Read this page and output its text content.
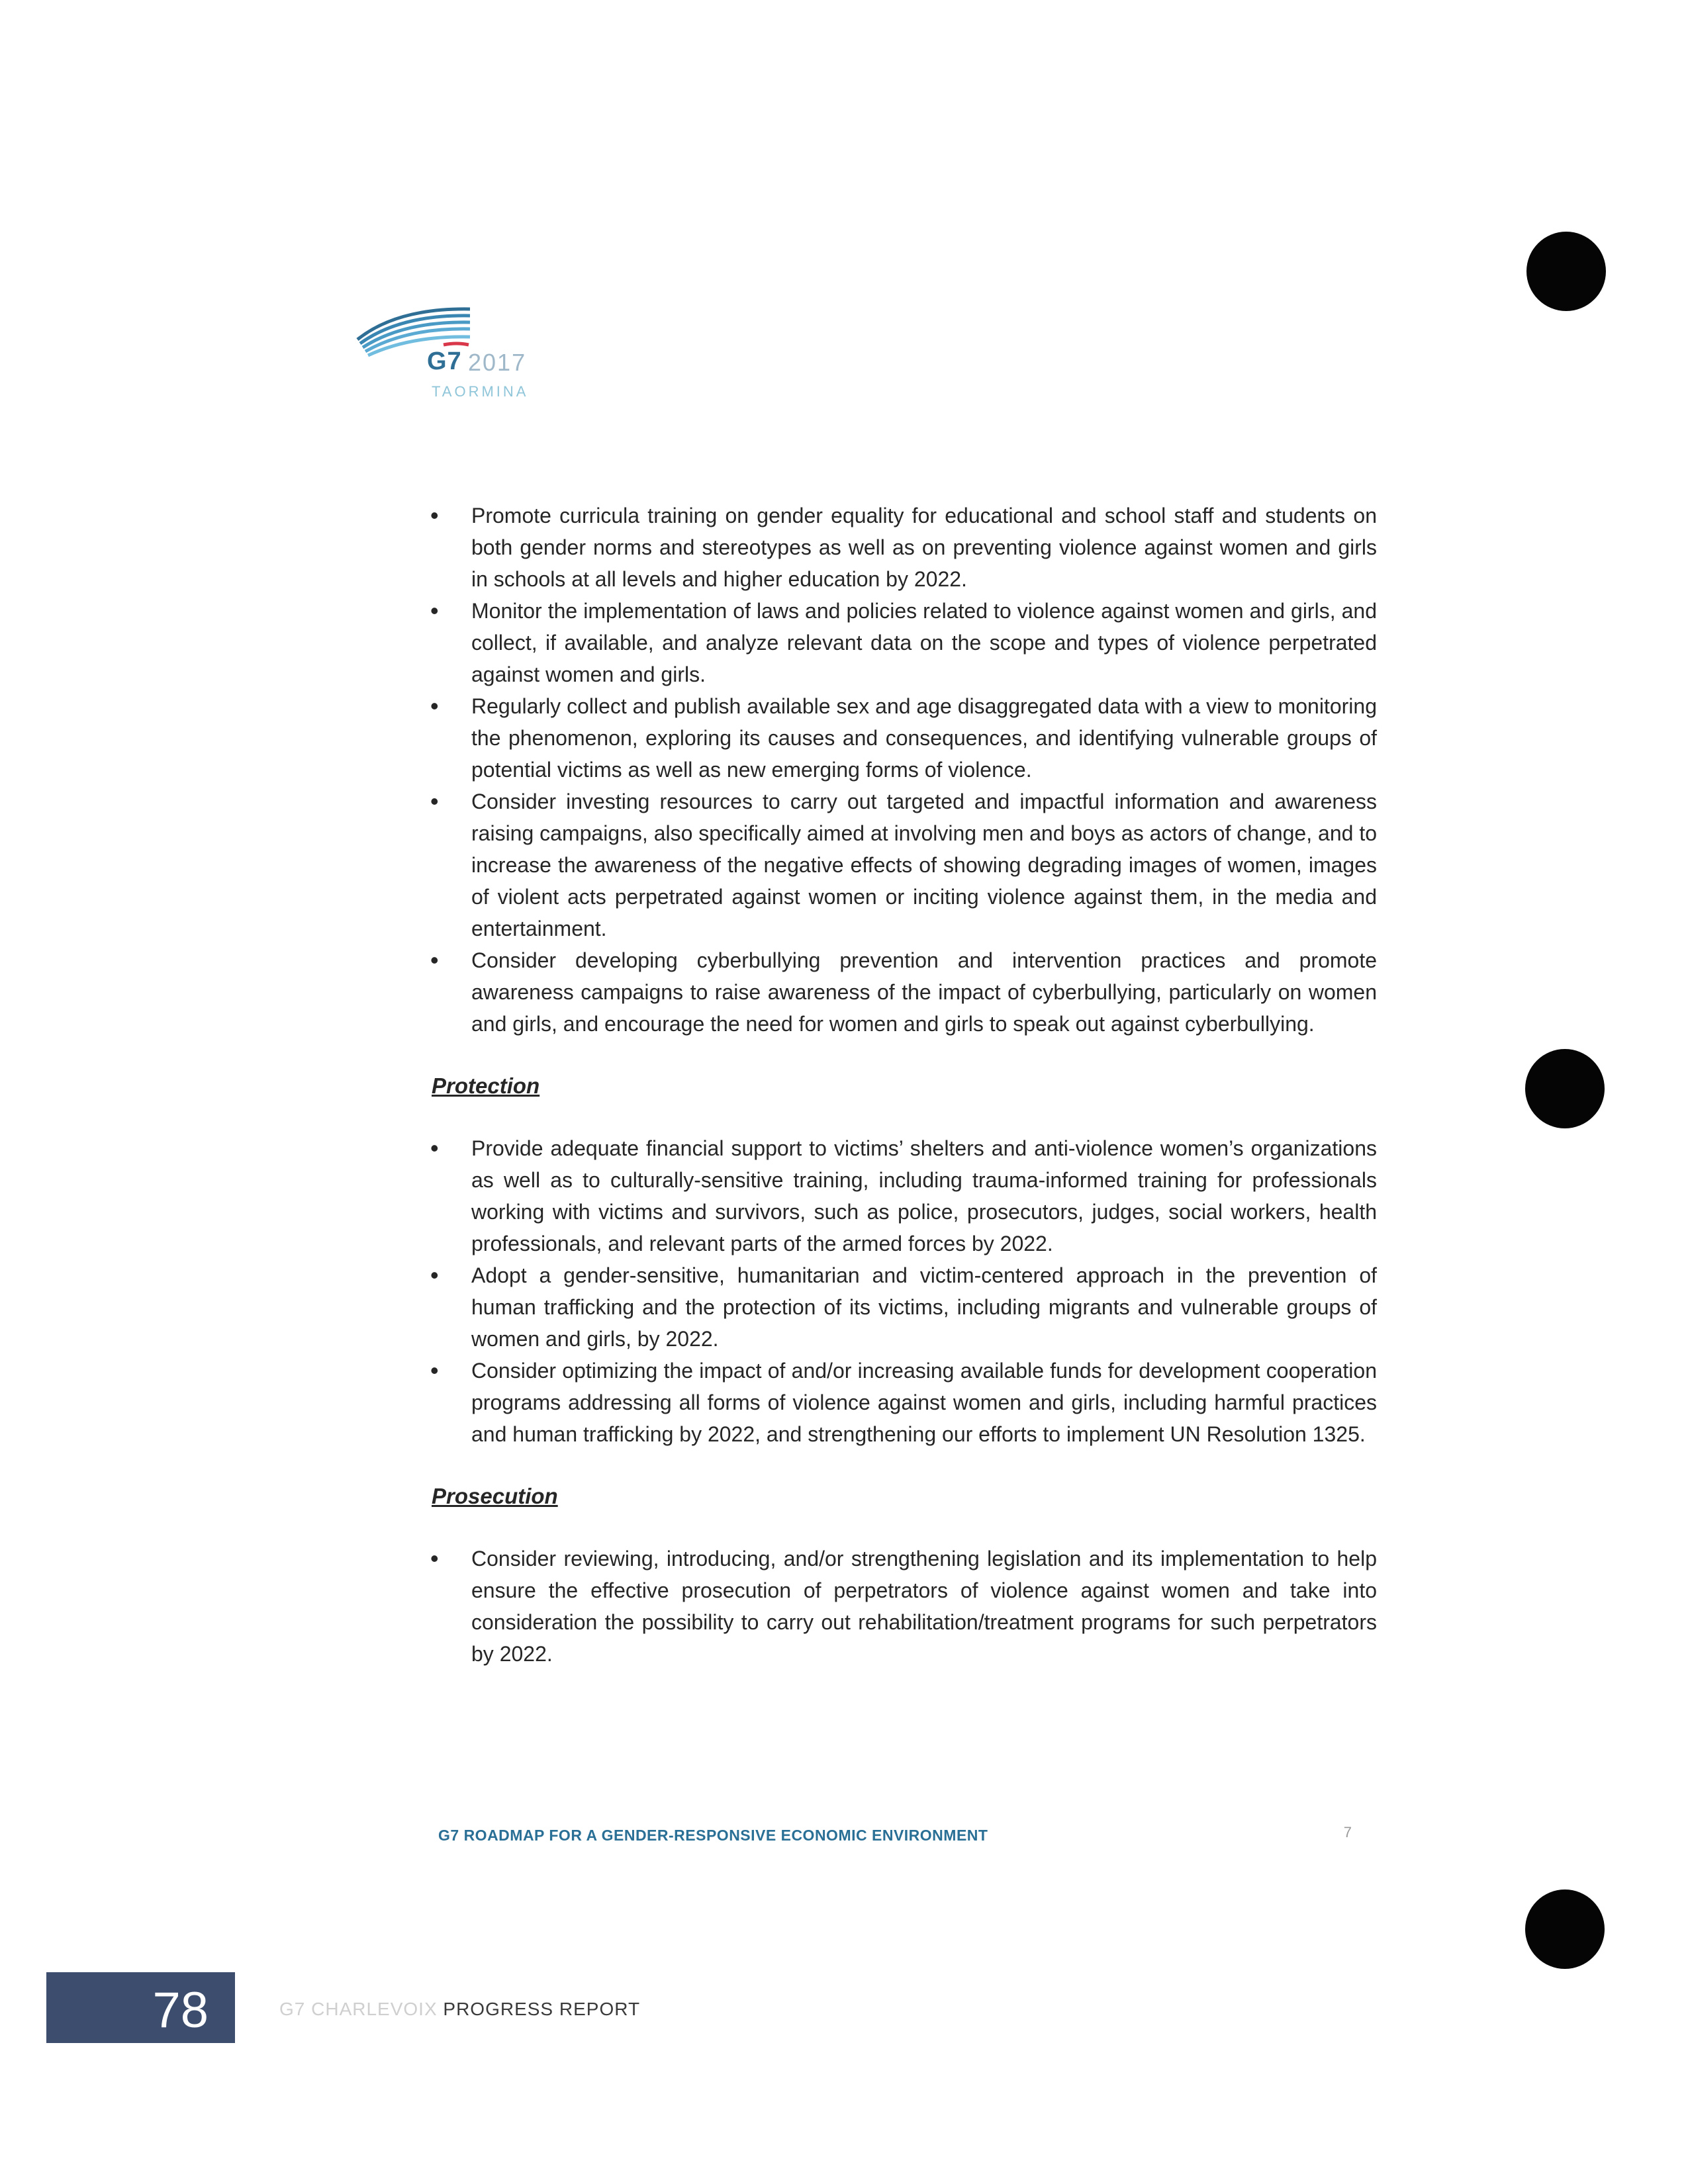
G7 2017
TAORMINA
• Promote curricula training on gender equality for educational and school staff and students on both gender norms and stereotypes as well as on preventing violence against women and girls in schools at all levels and higher education by 2022.
• Monitor the implementation of laws and policies related to violence against women and girls, and collect, if available, and analyze relevant data on the scope and types of violence perpetrated against women and girls.
• Regularly collect and publish available sex and age disaggregated data with a view to monitoring the phenomenon, exploring its causes and consequences, and identifying vulnerable groups of potential victims as well as new emerging forms of violence.
• Consider investing resources to carry out targeted and impactful information and awareness raising campaigns, also specifically aimed at involving men and boys as actors of change, and to increase the awareness of the negative effects of showing degrading images of women, images of violent acts perpetrated against women or inciting violence against them, in the media and entertainment.
• Consider developing cyberbullying prevention and intervention practices and promote awareness campaigns to raise awareness of the impact of cyberbullying, particularly on women and girls, and encourage the need for women and girls to speak out against cyberbullying.
Protection
• Provide adequate financial support to victims’ shelters and anti-violence women’s organizations as well as to culturally-sensitive training, including trauma-informed training for professionals working with victims and survivors, such as police, prosecutors, judges, social workers, health professionals, and relevant parts of the armed forces by 2022.
• Adopt a gender-sensitive, humanitarian and victim-centered approach in the prevention of human trafficking and the protection of its victims, including migrants and vulnerable groups of women and girls, by 2022.
• Consider optimizing the impact of and/or increasing available funds for development cooperation programs addressing all forms of violence against women and girls, including harmful practices and human trafficking by 2022, and strengthening our efforts to implement UN Resolution 1325.
Prosecution
• Consider reviewing, introducing, and/or strengthening legislation and its implementation to help ensure the effective prosecution of perpetrators of violence against women and take into consideration the possibility to carry out rehabilitation/treatment programs for such perpetrators by 2022.
G7 ROADMAP FOR A GENDER-RESPONSIVE ECONOMIC ENVIRONMENT	7
78	G7 CHARLEVOIX PROGRESS REPORT
